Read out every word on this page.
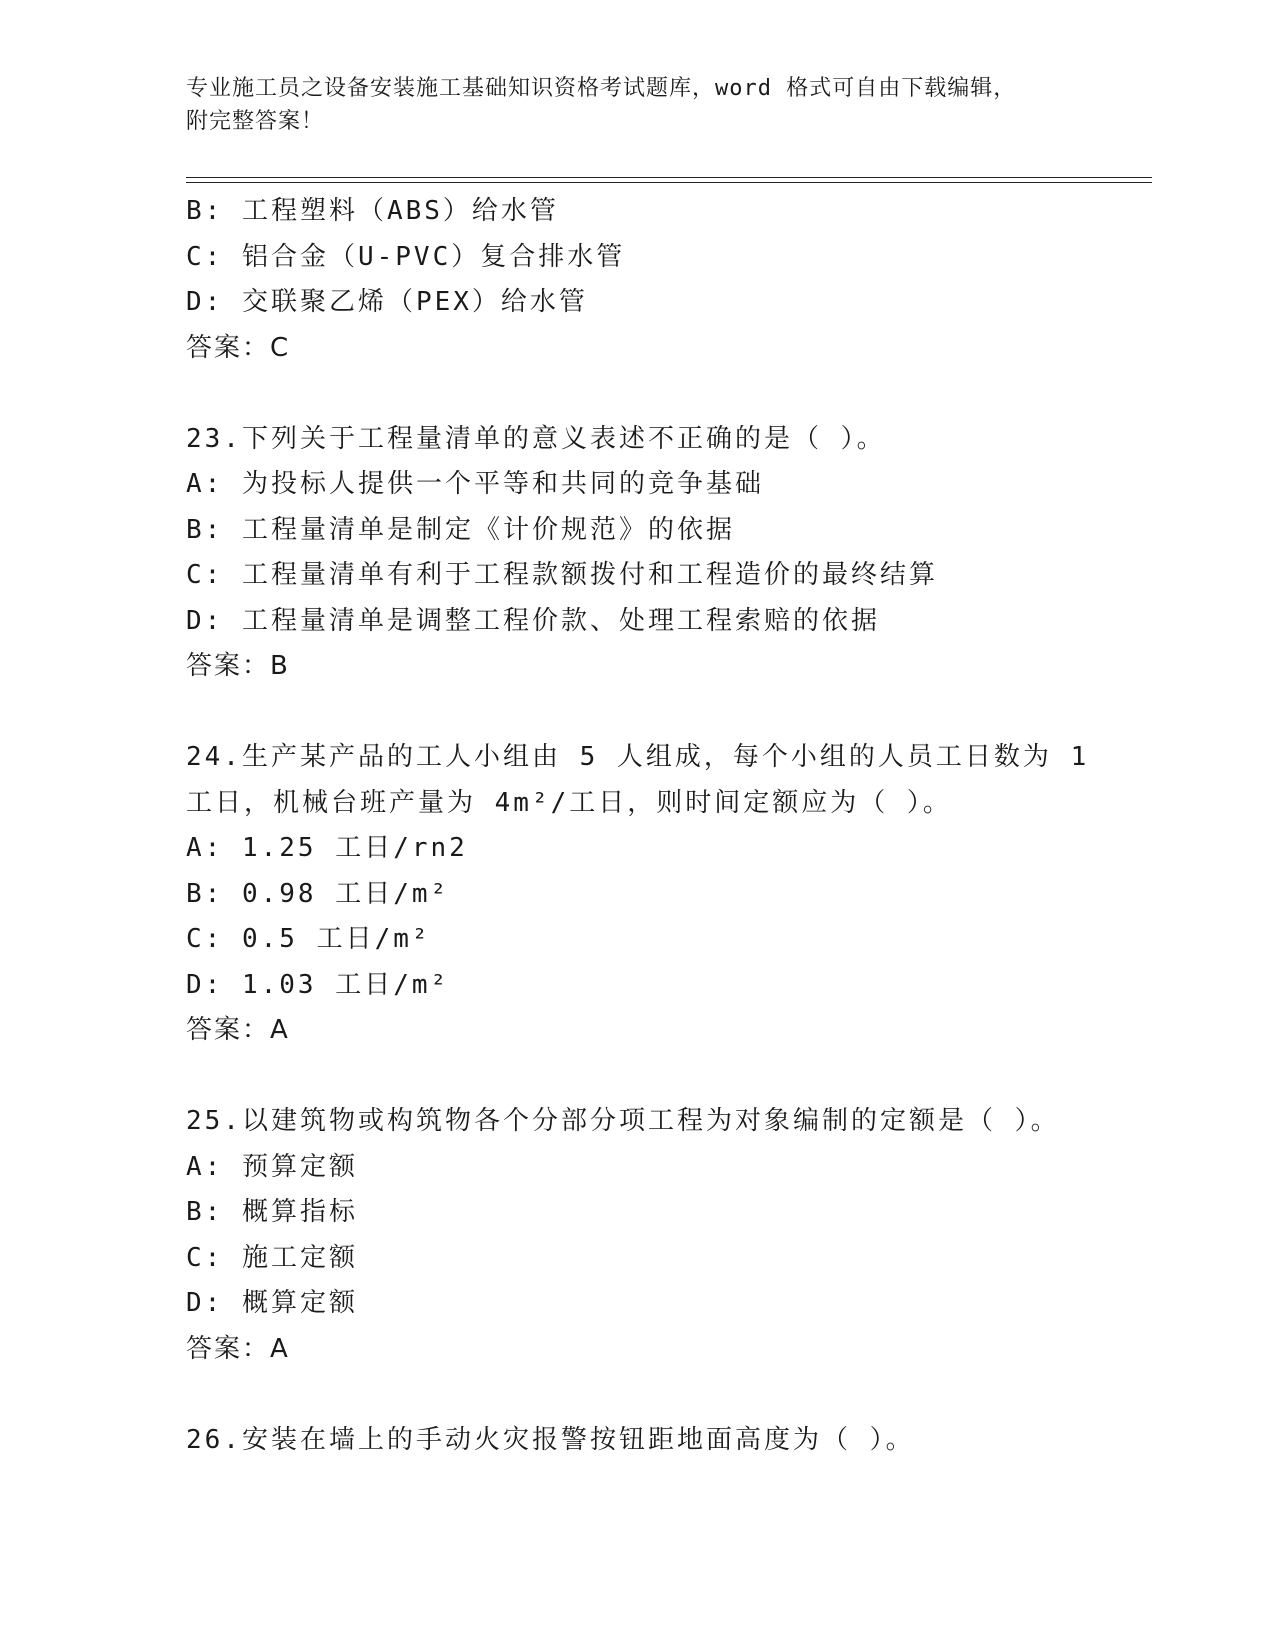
专业施工员之设备安装施工基础知识资格考试题库，word 格式可自由下载编辑，
附完整答案！

B: 工程塑料（ABS）给水管

C: 铝合金（U-PVC）复合排水管

D: 交联聚乙烯（PEX）给水管

答案：C

23.下列关于工程量清单的意义表述不正确的是（ ）。

A: 为投标人提供一个平等和共同的竞争基础

B: 工程量清单是制定《计价规范》的依据

C: 工程量清单有利于工程款额拨付和工程造价的最终结算

D: 工程量清单是调整工程价款、处理工程索赔的依据

答案：B

24.生产某产品的工人小组由 5 人组成，每个小组的人员工日数为 1 工日，机械台班产量为 4m²/工日，则时间定额应为（ ）。

A: 1.25 工日/rn2

B: 0.98 工日/m²

C: 0.5 工日/m²

D: 1.03 工日/m²

答案：A

25.以建筑物或构筑物各个分部分项工程为对象编制的定额是（ ）。

A: 预算定额

B: 概算指标

C: 施工定额

D: 概算定额

答案：A

26.安装在墙上的手动火灾报警按钮距地面高度为（ ）。
